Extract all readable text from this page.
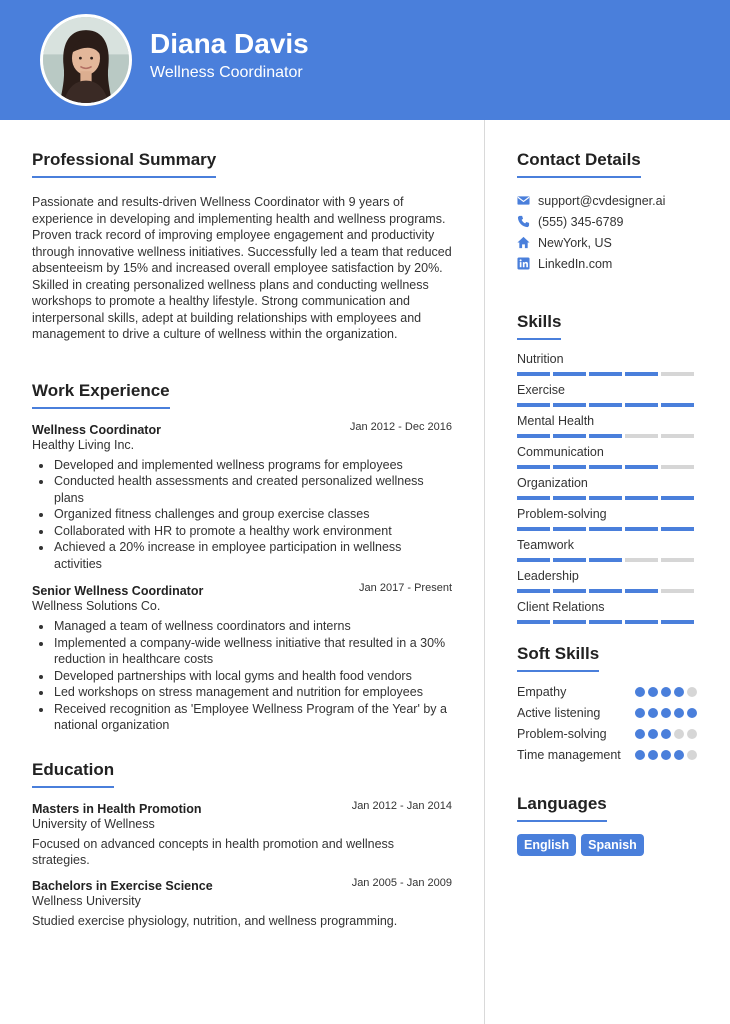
Diana Davis
Wellness Coordinator
Professional Summary

Passionate and results-driven Wellness Coordinator with 9 years of experience in developing and implementing health and wellness programs. Proven track record of improving employee engagement and productivity through innovative wellness initiatives. Successfully led a team that reduced absenteeism by 15% and increased overall employee satisfaction by 20%. Skilled in creating personalized wellness plans and conducting wellness workshops to promote a healthy lifestyle. Strong communication and interpersonal skills, adept at building relationships with employees and management to drive a culture of wellness within the organization.

Work Experience
Wellness Coordinator	Jan 2012 - Dec 2016
Healthy Living Inc.
Developed and implemented wellness programs for employees
Conducted health assessments and created personalized wellness plans
Organized fitness challenges and group exercise classes
Collaborated with HR to promote a healthy work environment
Achieved a 20% increase in employee participation in wellness activities
Senior Wellness Coordinator	Jan 2017 - Present
Wellness Solutions Co.
Managed a team of wellness coordinators and interns
Implemented a company-wide wellness initiative that resulted in a 30% reduction in healthcare costs
Developed partnerships with local gyms and health food vendors
Led workshops on stress management and nutrition for employees
Received recognition as 'Employee Wellness Program of the Year' by a national organization
Education
Masters in Health Promotion	Jan 2012 - Jan 2014
University of Wellness

Focused on advanced concepts in health promotion and wellness strategies.

Bachelors in Exercise Science	Jan 2005 - Jan 2009
Wellness University

Studied exercise physiology, nutrition, and wellness programming.

Contact Details
support@cvdesigner.ai
(555) 345-6789
NewYork, US
LinkedIn.com
Skills
Nutrition
Exercise
Mental Health
Communication
Organization
Problem-solving
Teamwork
Leadership
Client Relations
Soft Skills
Empathy
Active listening
Problem-solving
Time management
Languages
English	Spanish
